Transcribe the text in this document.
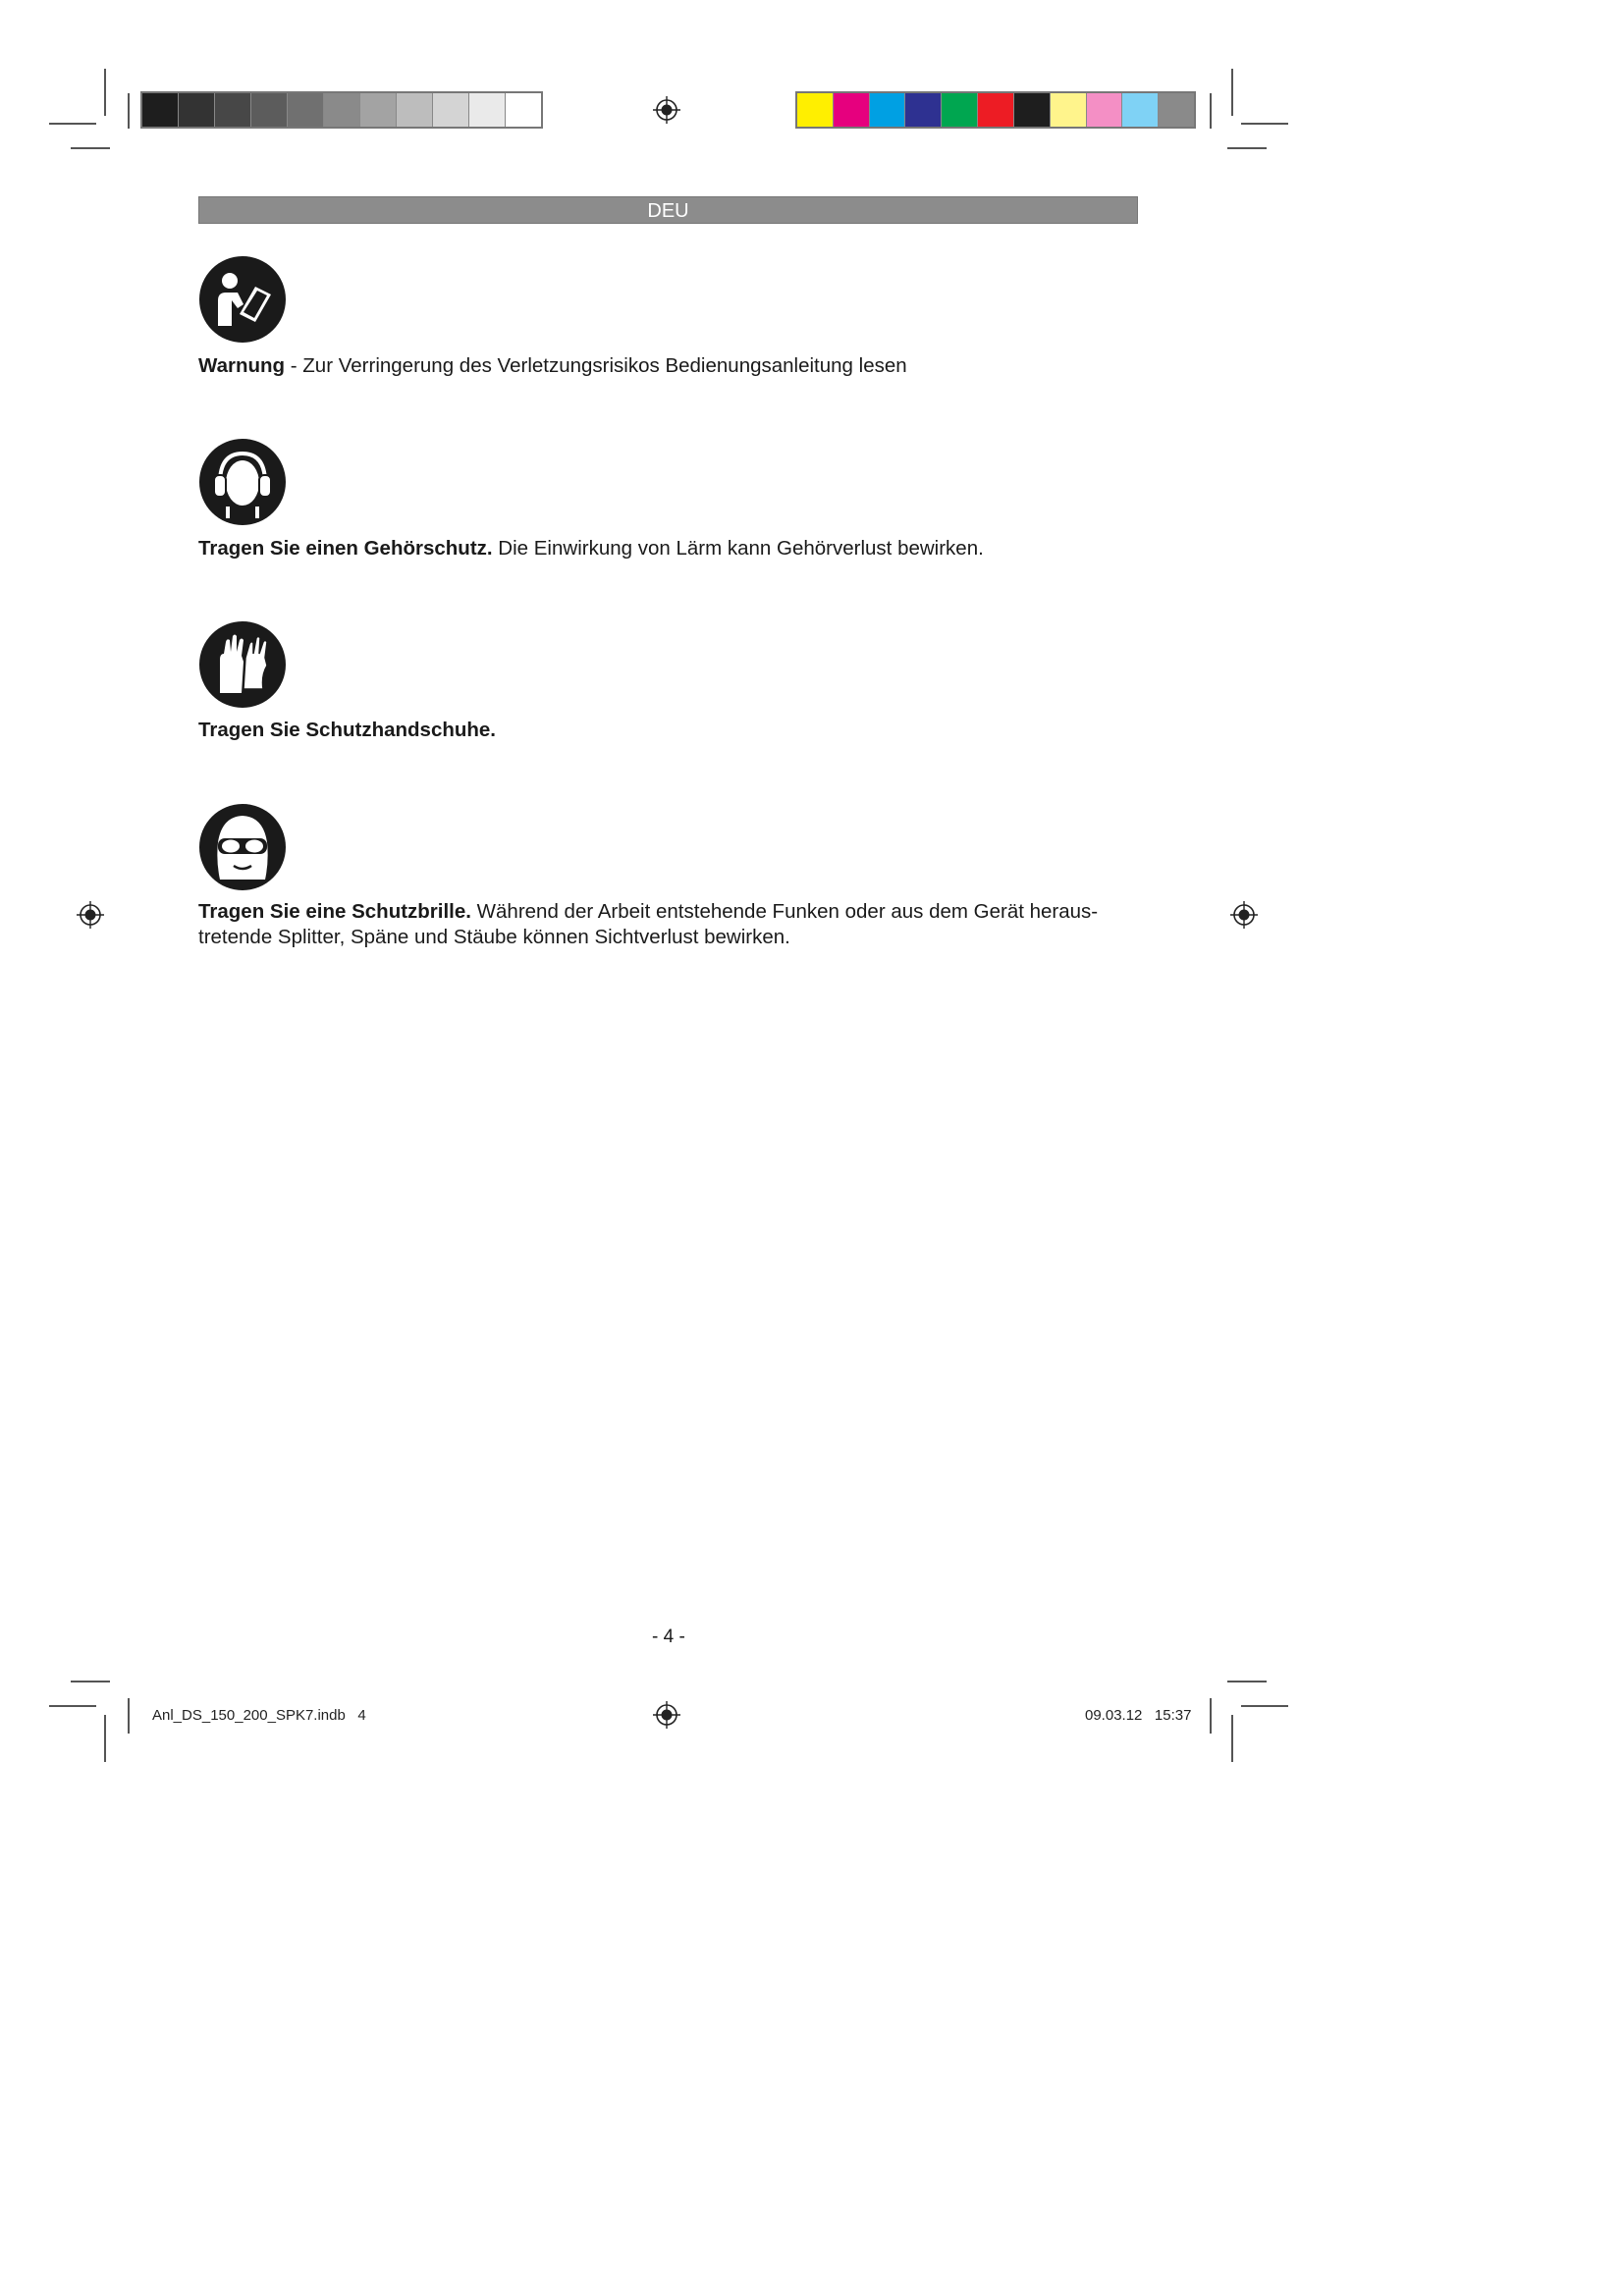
DEU
Warnung - Zur Verringerung des Verletzungsrisikos Bedienungsanleitung lesen
Tragen Sie einen Gehörschutz. Die Einwirkung von Lärm kann Gehörverlust bewirken.
Tragen Sie Schutzhandschuhe.
Tragen Sie eine Schutzbrille. Während der Arbeit entstehende Funken oder aus dem Gerät heraus-
tretende Splitter, Späne und Stäube können Sichtverlust bewirken.
- 4 -
Anl_DS_150_200_SPK7.indb   4	09.03.12   15:37
